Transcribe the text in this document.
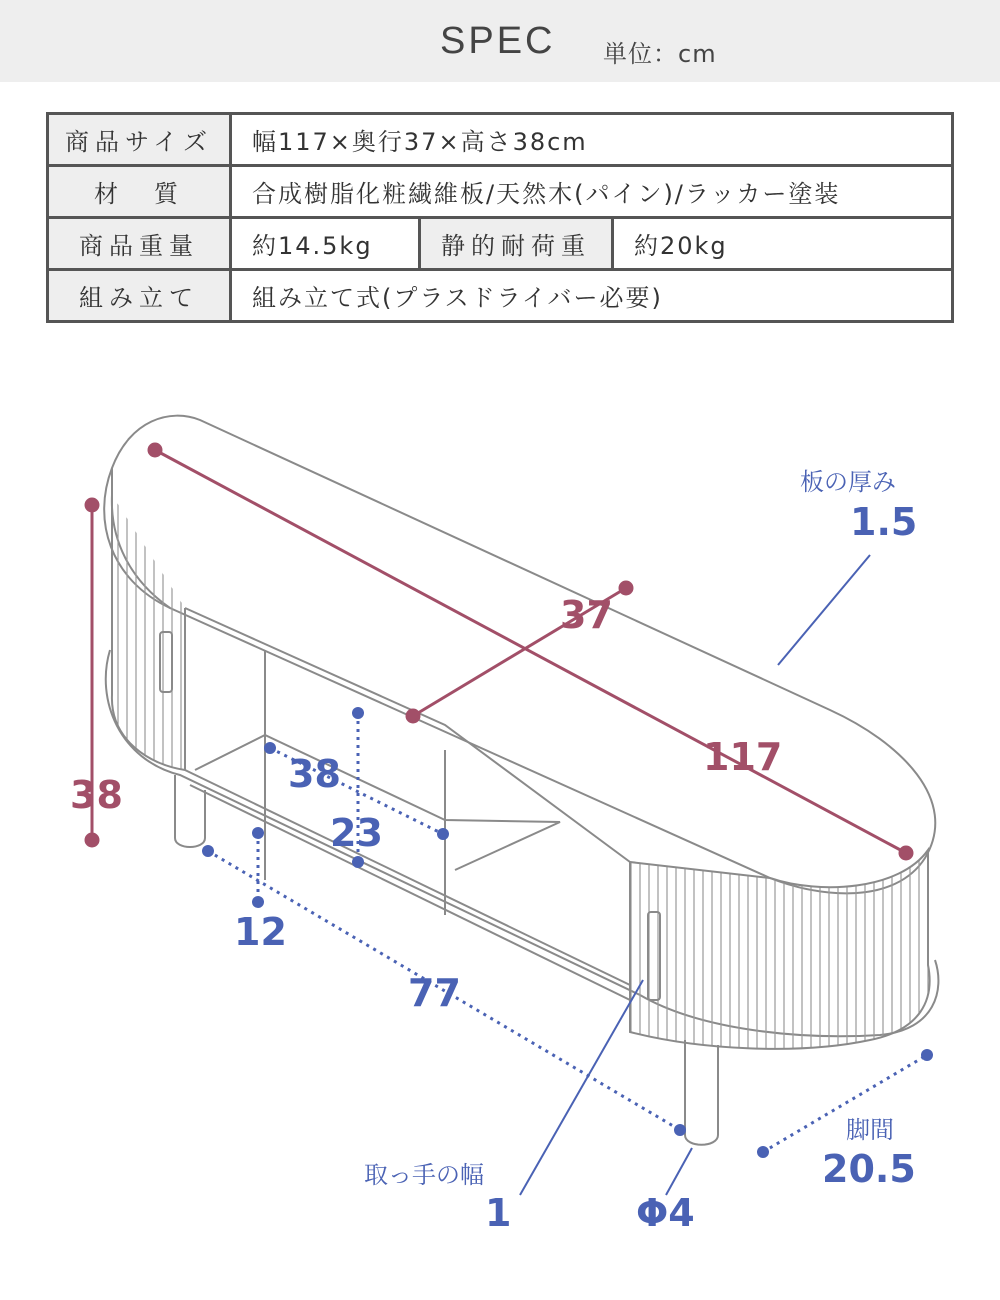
SPEC 単位：cm
商品サイズ	幅117×奥行37×高さ38cm		
材　質	合成樹脂化粧繊維板/天然木(パイン)/ラッカー塗装		
商品重量	約14.5kg	静的耐荷重	約20kg
組み立て	組み立て式(プラスドライバー必要)		
37
117
38	38
23
12
77
板の厚み
1.5
脚間
20.5
取っ手の幅
1	Φ4
